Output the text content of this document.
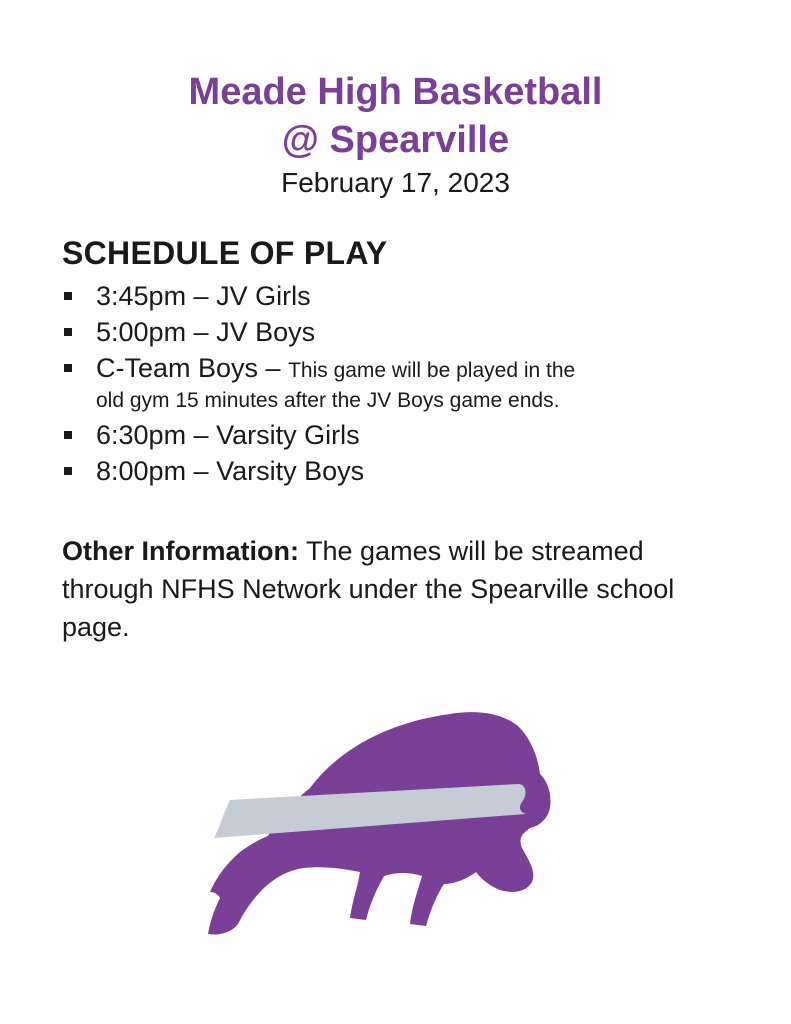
Meade High Basketball
@ Spearville
February 17, 2023
SCHEDULE OF PLAY
3:45pm – JV Girls
5:00pm – JV Boys
C-Team Boys – This game will be played in the
old gym 15 minutes after the JV Boys game ends.
6:30pm – Varsity Girls
8:00pm – Varsity Boys
Other Information: The games will be streamed through NFHS Network under the Spearville school page.
